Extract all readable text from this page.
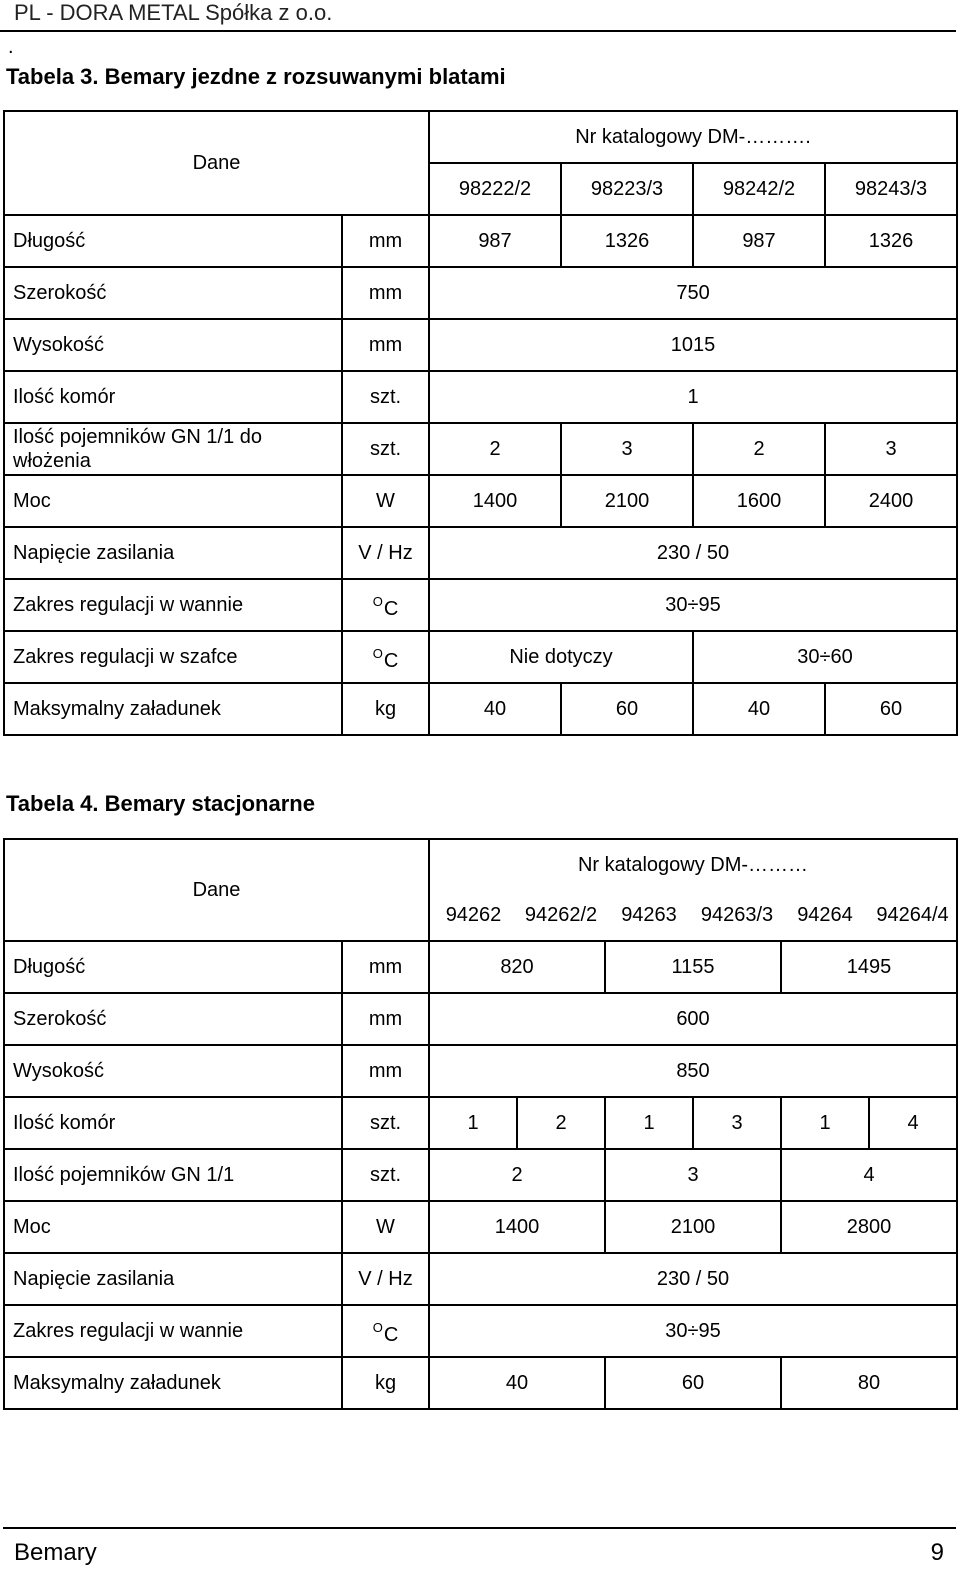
PL - DORA METAL Spółka z o.o.
.
Tabela 3. Bemary jezdne z rozsuwanymi blatami
Dane		Nr katalogowy DM-……….			
		98222/2	98223/3	98242/2	98243/3
Długość	mm	987	1326	987	1326
Szerokość	mm	750			
Wysokość	mm	1015			
Ilość komór	szt.	1			
Ilość pojemników GN 1/1 do włożenia	szt.	2	3	2	3
Moc	W	1400	2100	1600	2400
Napięcie zasilania	V / Hz	230 / 50			
Zakres regulacji w wannie	$^O$C	30÷95			
Zakres regulacji w szafce	$^O$C	Nie dotyczy		30÷60	
Maksymalny załadunek	kg	40	60	40	60
Tabela 4. Bemary stacjonarne
Dane		Nr katalogowy DM-………					
		94262	94262/2	94263	94263/3	94264	94264/4
Długość	mm	820		1155		1495	
Szerokość	mm	600					
Wysokość	mm	850					
Ilość komór	szt.	1	2	1	3	1	4
Ilość pojemników GN 1/1	szt.	2		3		4	
Moc	W	1400		2100		2800	
Napięcie zasilania	V / Hz	230 / 50					
Zakres regulacji w wannie	$^O$C	30÷95					
Maksymalny załadunek	kg	40		60		80	
Bemary	9
